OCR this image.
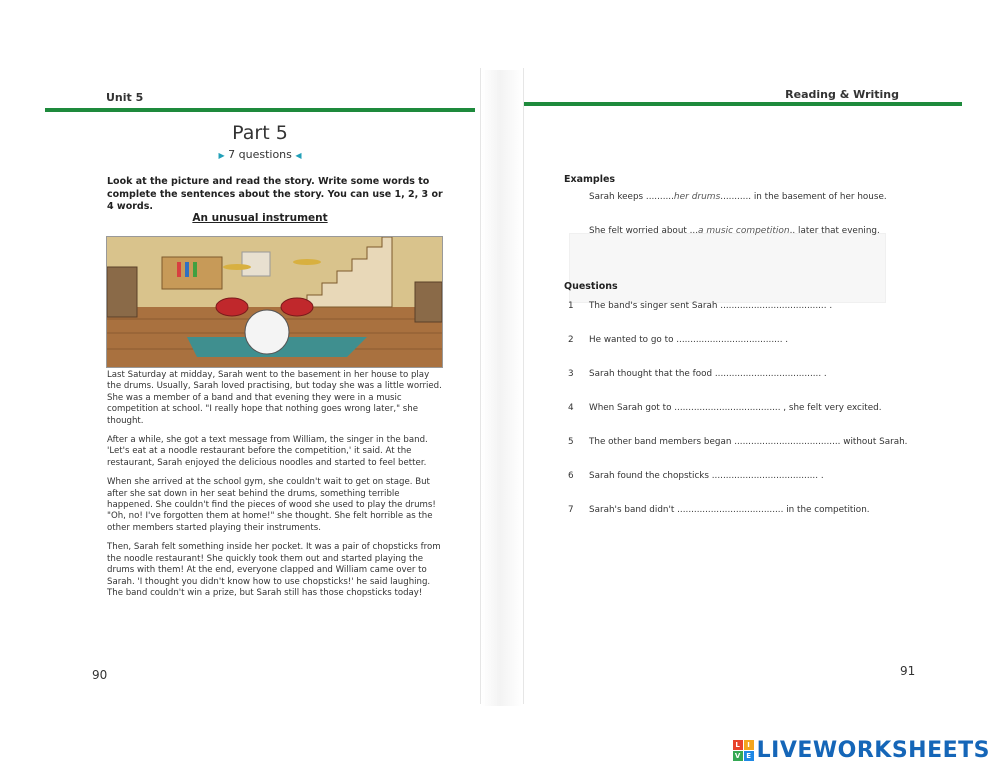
Unit 5
Part 5
▶ 7 questions ◀
Look at the picture and read the story. Write some words to complete the sentences about the story. You can use 1, 2, 3 or 4 words.
An unusual instrument

Last Saturday at midday, Sarah went to the basement in her house to play the drums. Usually, Sarah loved practising, but today she was a little worried. She was a member of a band and that evening they were in a music competition at school. "I really hope that nothing goes wrong later," she thought.

After a while, she got a text message from William, the singer in the band. 'Let's eat at a noodle restaurant before the competition,' it said. At the restaurant, Sarah enjoyed the delicious noodles and started to feel better.

When she arrived at the school gym, she couldn't wait to get on stage. But after she sat down in her seat behind the drums, something terrible happened. She couldn't find the pieces of wood she used to play the drums! "Oh, no! I've forgotten them at home!" she thought. She felt horrible as the other members started playing their instruments.

Then, Sarah felt something inside her pocket. It was a pair of chopsticks from the noodle restaurant! She quickly took them out and started playing the drums with them! At the end, everyone clapped and William came over to Sarah. 'I thought you didn't know how to use chopsticks!' he said laughing. The band couldn't win a prize, but Sarah still has those chopsticks today!

90
Reading & Writing
Examples
Sarah keeps ..........her drums........... in the basement of her house.
She felt worried about ...a music competition.. later that evening.
Questions
1 The band's singer sent Sarah ...................................... .
2 He wanted to go to ...................................... .
3 Sarah thought that the food ...................................... .
4 When Sarah got to ...................................... , she felt very excited.
5 The other band members began ...................................... without Sarah.
6 Sarah found the chopsticks ...................................... .
7 Sarah's band didn't ...................................... in the competition.
91
L	I
V E LIVEWORKSHEETS
